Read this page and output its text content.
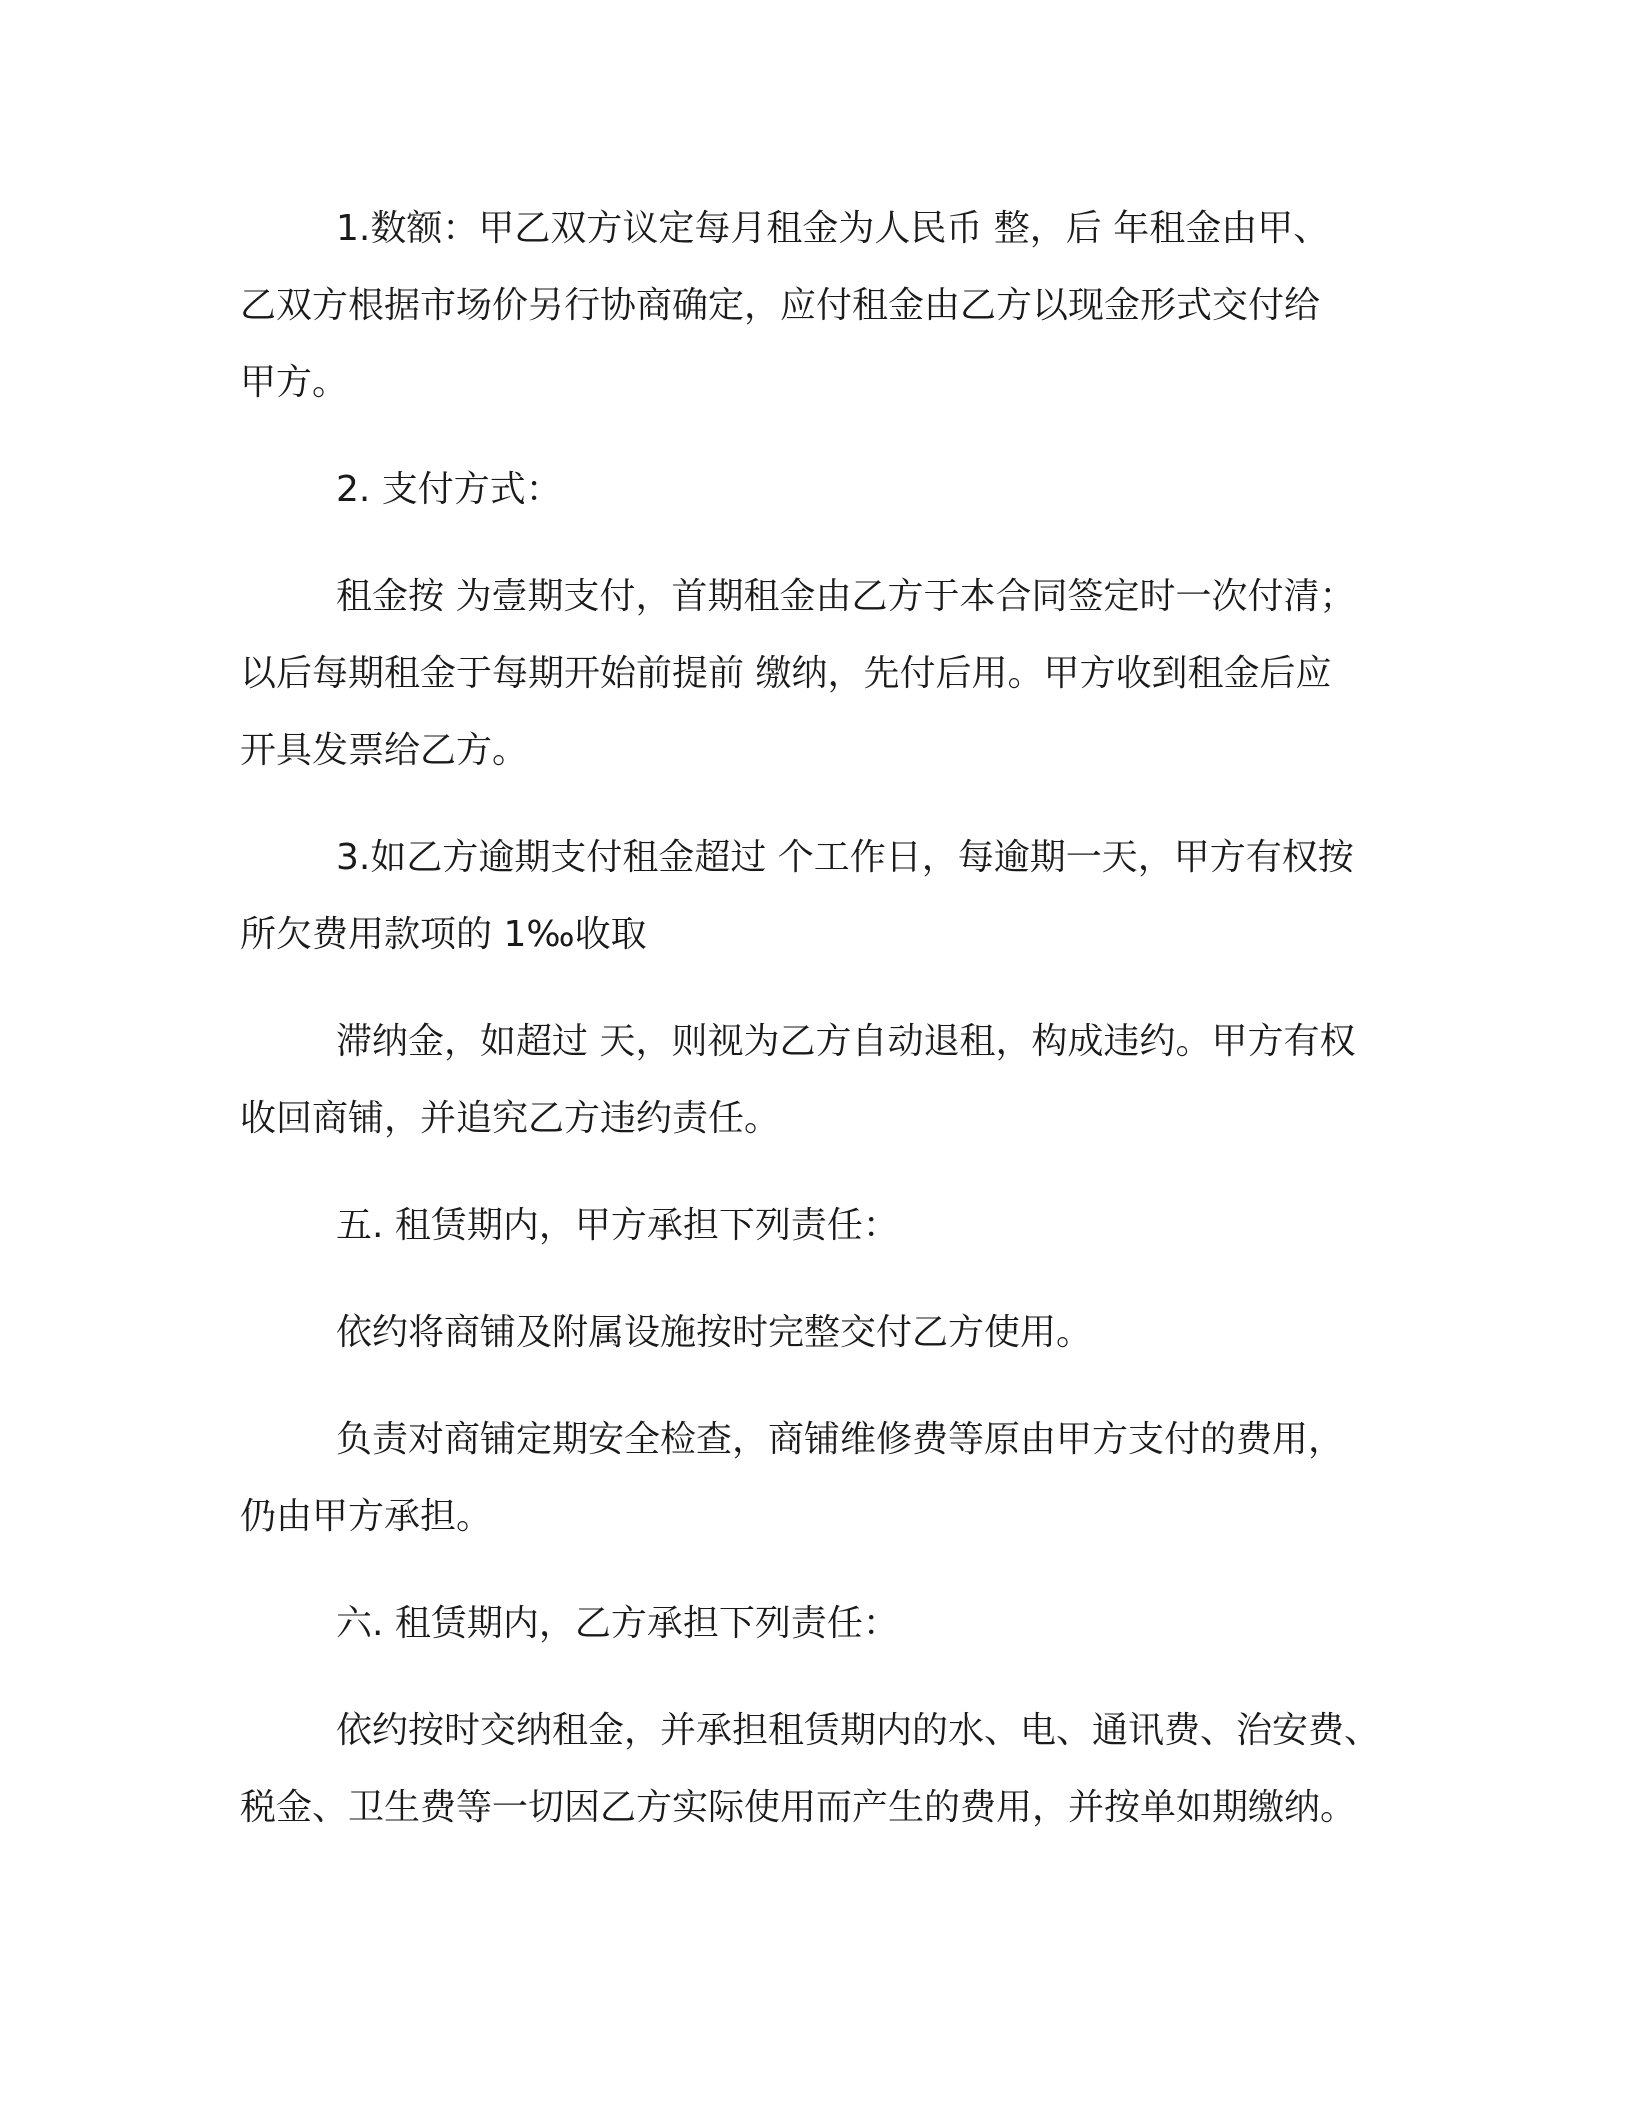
1.数额：甲乙双方议定每月租金为人民币 整，后 年租金由甲、
乙双方根据市场价另行协商确定，应付租金由乙方以现金形式交付给
甲方。

2. 支付方式：

租金按 为壹期支付，首期租金由乙方于本合同签定时一次付清；
以后每期租金于每期开始前提前 缴纳，先付后用。甲方收到租金后应
开具发票给乙方。

3.如乙方逾期支付租金超过 个工作日，每逾期一天，甲方有权按
所欠费用款项的 1‰收取

滞纳金，如超过 天，则视为乙方自动退租，构成违约。甲方有权
收回商铺，并追究乙方违约责任。

五. 租赁期内，甲方承担下列责任：

依约将商铺及附属设施按时完整交付乙方使用。

负责对商铺定期安全检查，商铺维修费等原由甲方支付的费用，
仍由甲方承担。

六. 租赁期内，乙方承担下列责任：

依约按时交纳租金，并承担租赁期内的水、电、通讯费、治安费、
税金、卫生费等一切因乙方实际使用而产生的费用，并按单如期缴纳。
